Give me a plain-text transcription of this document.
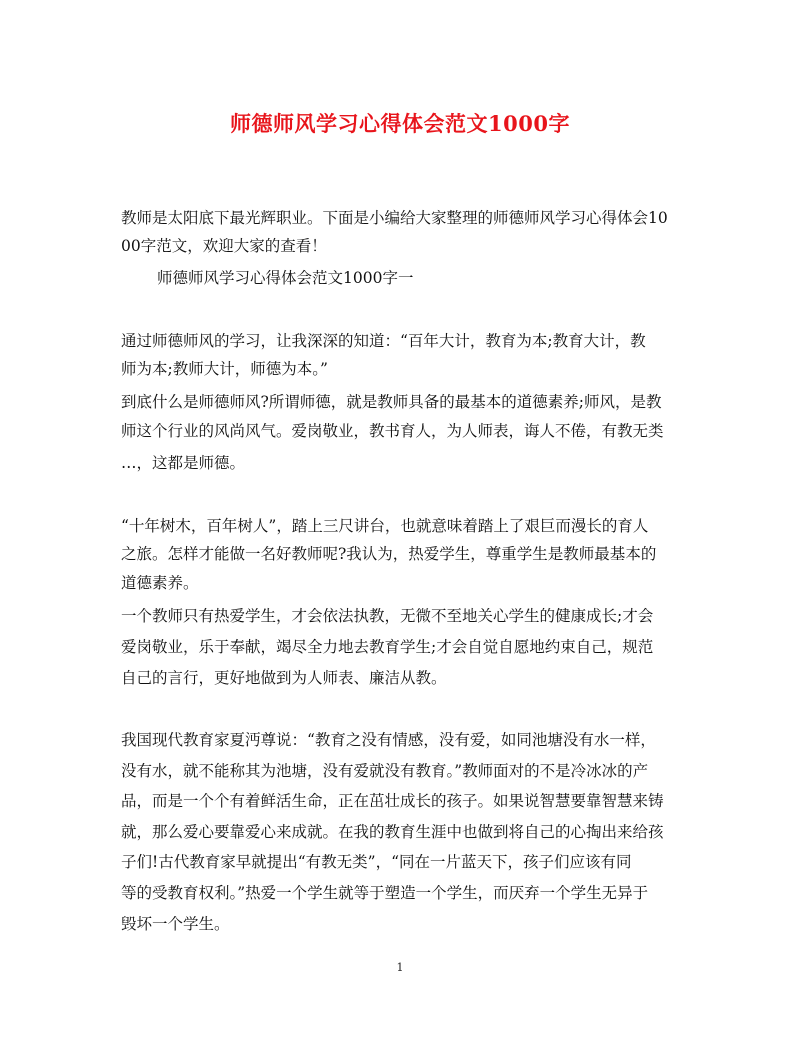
师德师风学习心得体会范文1000字
教师是太阳底下最光辉职业。下面是小编给大家整理的师德师风学习心得体会10
00字范文，欢迎大家的查看！
师德师风学习心得体会范文1000字一
通过师德师风的学习，让我深深的知道：“百年大计，教育为本;教育大计，教
师为本;教师大计，师德为本。”
到底什么是师德师风?所谓师德，就是教师具备的最基本的道德素养;师风，是教
师这个行业的风尚风气。爱岗敬业，教书育人，为人师表，诲人不倦，有教无类
…，这都是师德。
“十年树木，百年树人”，踏上三尺讲台，也就意味着踏上了艰巨而漫长的育人
之旅。怎样才能做一名好教师呢?我认为，热爱学生，尊重学生是教师最基本的
道德素养。
一个教师只有热爱学生，才会依法执教，无微不至地关心学生的健康成长;才会
爱岗敬业，乐于奉献，竭尽全力地去教育学生;才会自觉自愿地约束自己，规范
自己的言行，更好地做到为人师表、廉洁从教。
我国现代教育家夏沔尊说：“教育之没有情感，没有爱，如同池塘没有水一样，
没有水，就不能称其为池塘，没有爱就没有教育。”教师面对的不是冷冰冰的产
品，而是一个个有着鲜活生命，正在茁壮成长的孩子。如果说智慧要靠智慧来铸
就，那么爱心要靠爱心来成就。在我的教育生涯中也做到将自己的心掏出来给孩
子们!古代教育家早就提出“有教无类”，“同在一片蓝天下，孩子们应该有同
等的受教育权利。”热爱一个学生就等于塑造一个学生，而厌弃一个学生无异于
毁坏一个学生。
1
